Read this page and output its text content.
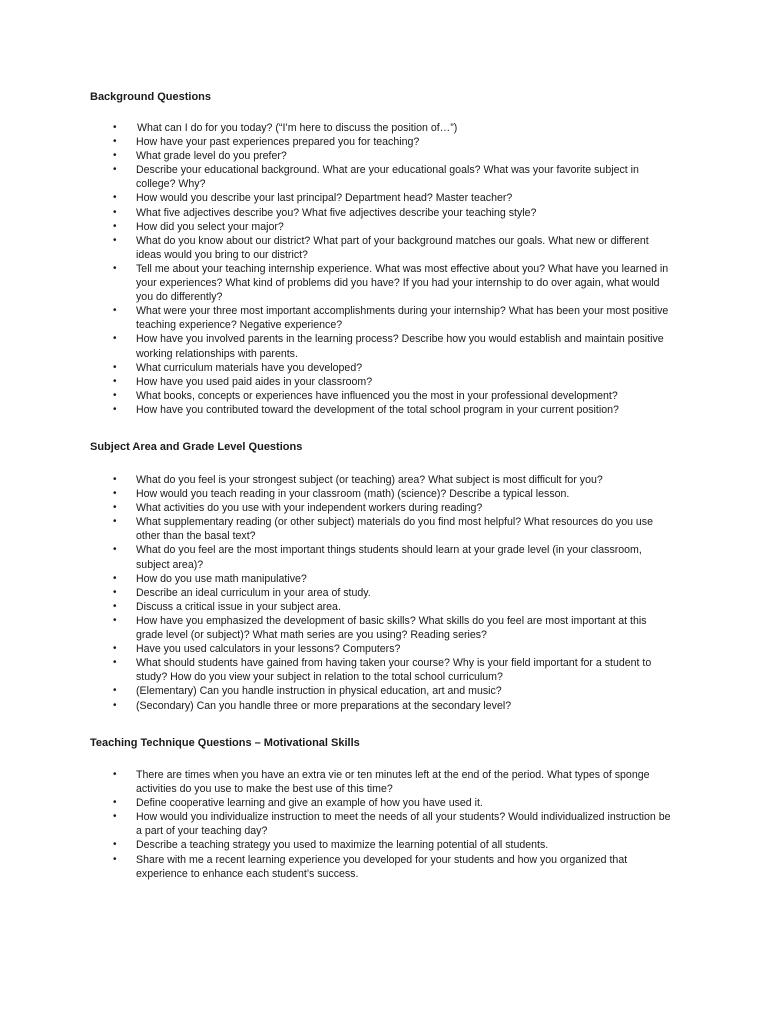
Background Questions
• What can I do for you today? (“I’m here to discuss the position of…”)
• How have your past experiences prepared you for teaching?
• What grade level do you prefer?
• Describe your educational background. What are your educational goals? What was your favorite subject in college? Why?
• How would you describe your last principal? Department head? Master teacher?
• What five adjectives describe you? What five adjectives describe your teaching style?
• How did you select your major?
• What do you know about our district? What part of your background matches our goals. What new or different ideas would you bring to our district?
• Tell me about your teaching internship experience. What was most effective about you? What have you learned in your experiences? What kind of problems did you have? If you had your internship to do over again, what would you do differently?
• What were your three most important accomplishments during your internship? What has been your most positive teaching experience? Negative experience?
• How have you involved parents in the learning process? Describe how you would establish and maintain positive working relationships with parents.
• What curriculum materials have you developed?
• How have you used paid aides in your classroom?
• What books, concepts or experiences have influenced you the most in your professional development?
• How have you contributed toward the development of the total school program in your current position?
Subject Area and Grade Level Questions
• What do you feel is your strongest subject (or teaching) area? What subject is most difficult for you?
• How would you teach reading in your classroom (math) (science)? Describe a typical lesson.
• What activities do you use with your independent workers during reading?
• What supplementary reading (or other subject) materials do you find most helpful? What resources do you use other than the basal text?
• What do you feel are the most important things students should learn at your grade level (in your classroom, subject area)?
• How do you use math manipulative?
• Describe an ideal curriculum in your area of study.
• Discuss a critical issue in your subject area.
• How have you emphasized the development of basic skills? What skills do you feel are most important at this grade level (or subject)? What math series are you using? Reading series?
• Have you used calculators in your lessons? Computers?
• What should students have gained from having taken your course? Why is your field important for a student to study? How do you view your subject in relation to the total school curriculum?
• (Elementary) Can you handle instruction in physical education, art and music?
• (Secondary) Can you handle three or more preparations at the secondary level?
Teaching Technique Questions – Motivational Skills
• There are times when you have an extra vie or ten minutes left at the end of the period. What types of sponge activities do you use to make the best use of this time?
• Define cooperative learning and give an example of how you have used it.
• How would you individualize instruction to meet the needs of all your students? Would individualized instruction be a part of your teaching day?
• Describe a teaching strategy you used to maximize the learning potential of all students.
• Share with me a recent learning experience you developed for your students and how you organized that experience to enhance each student’s success.
